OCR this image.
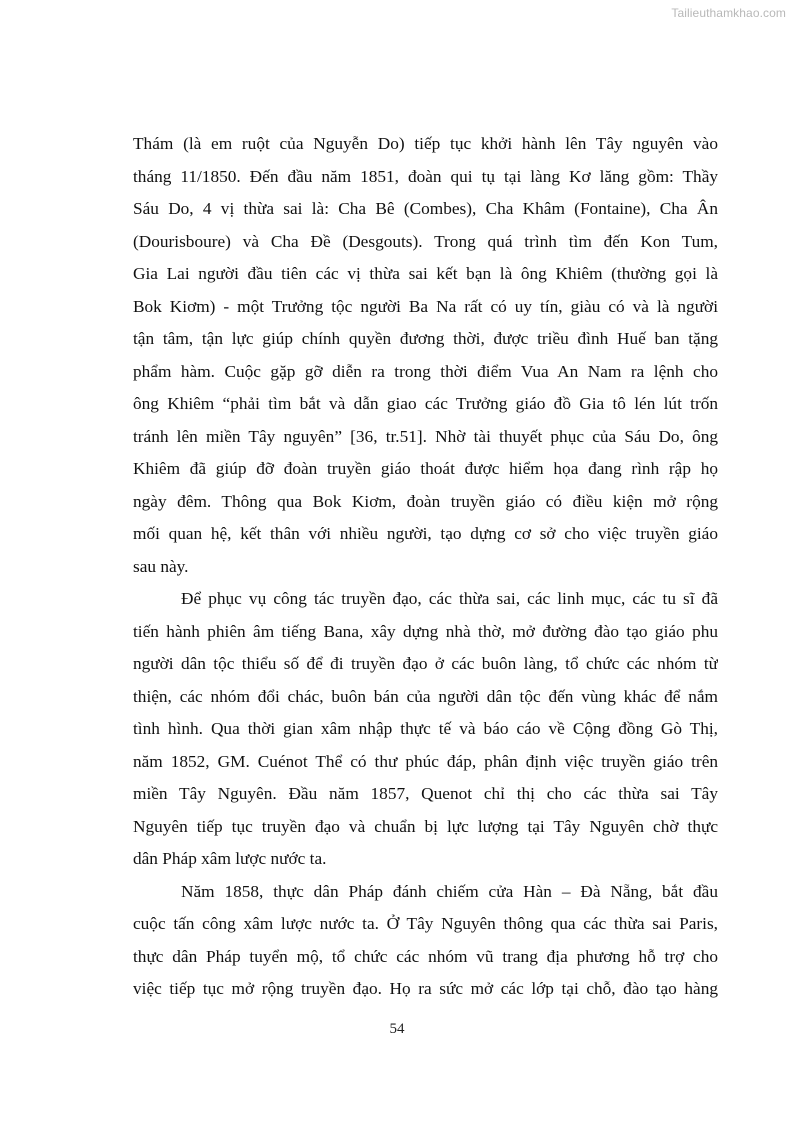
Tailieuthamkhao.com
Thám (là em ruột của Nguyễn Do) tiếp tục khởi hành lên Tây nguyên vào
tháng 11/1850. Đến đầu năm 1851, đoàn qui tụ tại làng Kơ lăng gồm: Thầy
Sáu Do, 4 vị thừa sai là: Cha Bê (Combes), Cha Khâm (Fontaine), Cha Ân
(Dourisboure) và Cha Đề (Desgouts). Trong quá trình tìm đến Kon Tum,
Gia Lai người đầu tiên các vị thừa sai kết bạn là ông Khiêm (thường gọi là
Bok Kiơm) - một Trưởng tộc người Ba Na rất có uy tín, giàu có và là người
tận tâm, tận lực giúp chính quyền đương thời, được triều đình Huế ban tặng
phẩm hàm. Cuộc gặp gỡ diễn ra trong thời điểm Vua An Nam ra lệnh cho
ông Khiêm “phải tìm bắt và dẫn giao các Trưởng giáo đồ Gia tô lén lút trốn
tránh lên miền Tây nguyên” [36, tr.51]. Nhờ tài thuyết phục của Sáu Do, ông
Khiêm đã giúp đỡ đoàn truyền giáo thoát được hiểm họa đang rình rập họ
ngày đêm. Thông qua Bok Kiơm, đoàn truyền giáo có điều kiện mở rộng
mối quan hệ, kết thân với nhiều người, tạo dựng cơ sở cho việc truyền giáo
sau này.
Để phục vụ công tác truyền đạo, các thừa sai, các linh mục, các tu sĩ đã
tiến hành phiên âm tiếng Bana, xây dựng nhà thờ, mở đường đào tạo giáo phu
người dân tộc thiểu số để đi truyền đạo ở các buôn làng, tổ chức các nhóm từ
thiện, các nhóm đổi chác, buôn bán của người dân tộc đến vùng khác để nắm
tình hình. Qua thời gian xâm nhập thực tế và báo cáo về Cộng đồng Gò Thị,
năm 1852, GM. Cuénot Thể có thư phúc đáp, phân định việc truyền giáo trên
miền Tây Nguyên. Đầu năm 1857, Quenot chỉ thị cho các thừa sai Tây
Nguyên tiếp tục truyền đạo và chuẩn bị lực lượng tại Tây Nguyên chờ thực
dân Pháp xâm lược nước ta.
Năm 1858, thực dân Pháp đánh chiếm cửa Hàn – Đà Nẵng, bắt đầu
cuộc tấn công xâm lược nước ta. Ở Tây Nguyên thông qua các thừa sai Paris,
thực dân Pháp tuyển mộ, tổ chức các nhóm vũ trang địa phương hỗ trợ cho
việc tiếp tục mở rộng truyền đạo. Họ ra sức mở các lớp tại chỗ, đào tạo hàng
54
